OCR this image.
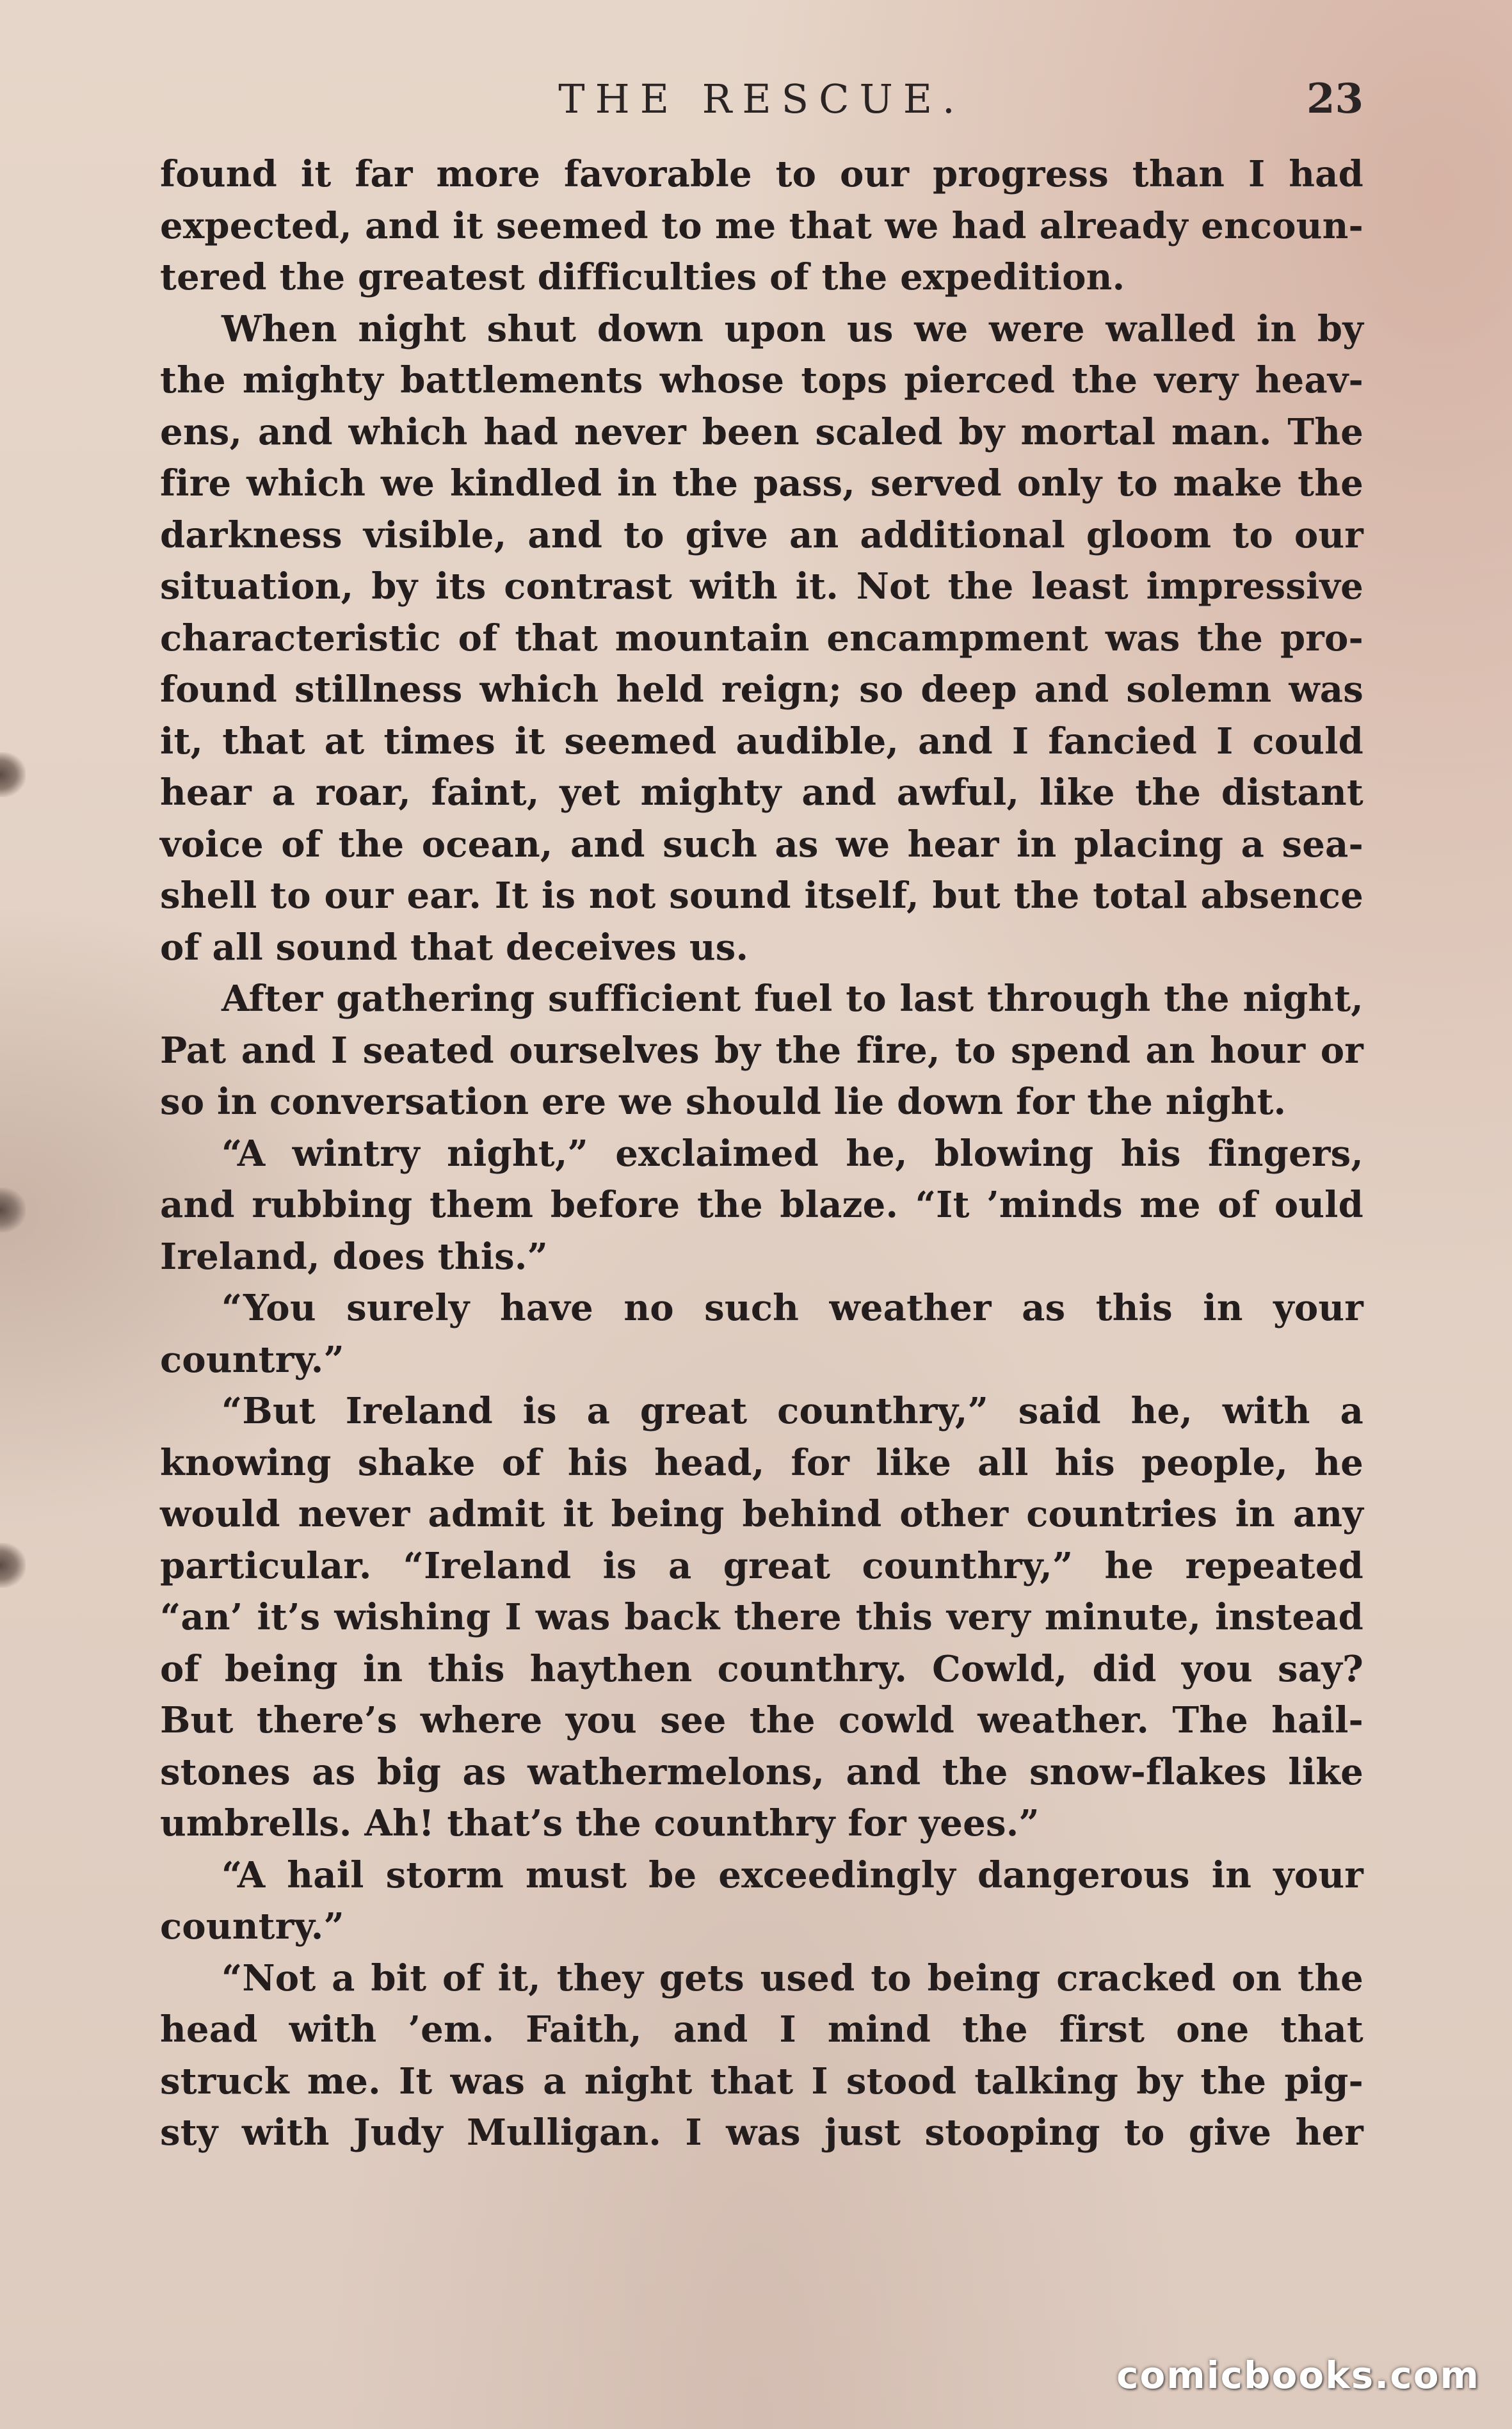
THE RESCUE.	23
found it far more favorable to our progress than I had
expected, and it seemed to me that we had already encoun-
tered the greatest difficulties of the expedition.
When night shut down upon us we were walled in by
the mighty battlements whose tops pierced the very heav-
ens, and which had never been scaled by mortal man. The
fire which we kindled in the pass, served only to make the
darkness visible, and to give an additional gloom to our
situation, by its contrast with it. Not the least impressive
characteristic of that mountain encampment was the pro-
found stillness which held reign; so deep and solemn was
it, that at times it seemed audible, and I fancied I could
hear a roar, faint, yet mighty and awful, like the distant
voice of the ocean, and such as we hear in placing a sea-
shell to our ear. It is not sound itself, but the total absence
of all sound that deceives us.
After gathering sufficient fuel to last through the night,
Pat and I seated ourselves by the fire, to spend an hour or
so in conversation ere we should lie down for the night.
“A wintry night,” exclaimed he, blowing his fingers,
and rubbing them before the blaze. “It ’minds me of ould
Ireland, does this.”
“You surely have no such weather as this in your
country.”
“But Ireland is a great counthry,” said he, with a
knowing shake of his head, for like all his people, he
would never admit it being behind other countries in any
particular. “Ireland is a great counthry,” he repeated
“an’ it’s wishing I was back there this very minute, instead
of being in this haythen counthry. Cowld, did you say?
But there’s where you see the cowld weather. The hail-
stones as big as wathermelons, and the snow-flakes like
umbrells. Ah! that’s the counthry for yees.”
“A hail storm must be exceedingly dangerous in your
country.”
“Not a bit of it, they gets used to being cracked on the
head with ’em. Faith, and I mind the first one that
struck me. It was a night that I stood talking by the pig-
sty with Judy Mulligan. I was just stooping to give her
comicbooks.com
